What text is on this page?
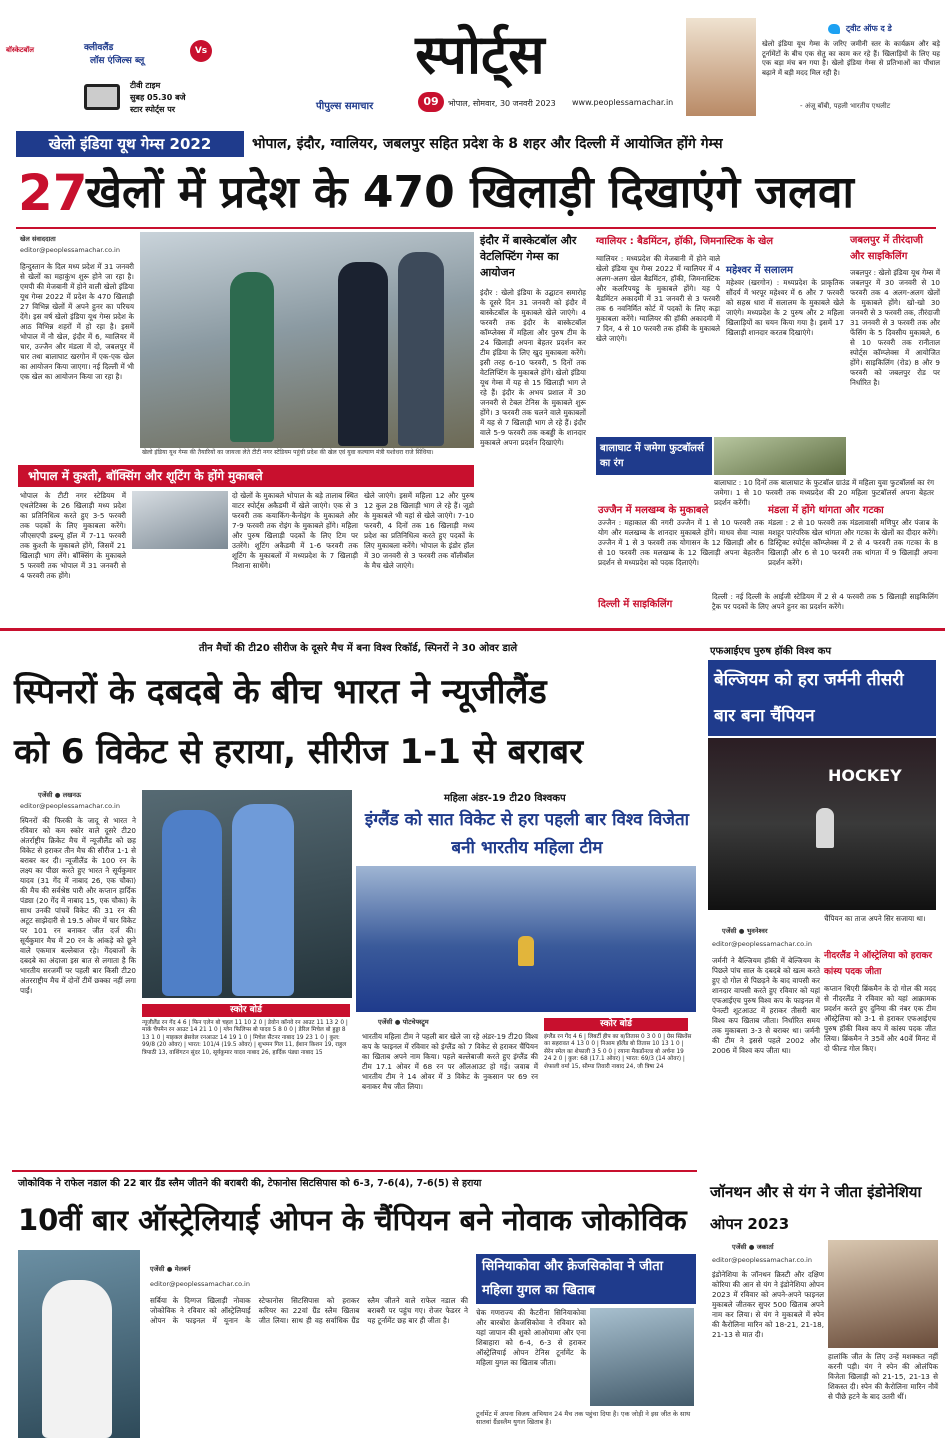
बॉस्केटबॉल	क्लीवलैंड
लॉस एंजिल्स ब्लू
Vs
टीवी टाइम
सुबह 05.30 बजे
स्टार स्पोर्ट्स पर
स्पोर्ट्स
पीपुल्स समाचार	09	भोपाल, सोमवार, 30 जनवरी 2023 www.peoplessamachar.in
ट्वीट ऑफ द डे
खेलो इंडिया यूथ गेम्स के जरिए जमीनी स्तर के कार्यक्रम और बड़े टूर्नामेंटों के बीच एक सेतु का काम कर रहे हैं। खिलाड़ियों के लिए यह एक बड़ा मंच बन गया है। खेलो इंडिया गेम्स से प्रतिभाओं का पौंधाल बढ़ाने में बड़ी मदद मिल रही है।
- अंजू बॉबी, पहली भारतीय एथलीट
खेलो इंडिया यूथ गेम्स 2022	भोपाल, इंदौर, ग्वालियर, जबलपुर सहित प्रदेश के 8 शहर और दिल्ली में आयोजित होंगे गेम्स
27
खेलों में प्रदेश के 470 खिलाड़ी दिखाएंगे जलवा
खेल संवाददाता
editor@peoplessamachar.co.in
हिन्दुस्तान के दिल मध्य प्रदेश में 31 जनवरी से खेलों का महाकुंभ शुरू होने जा रहा है। एमपी की मेजबानी में होने वाली खेलो इंडिया यूथ गेम्स 2022 में प्रदेश के 470 खिलाड़ी 27 विभिन्न खेलों में अपने हुनर का परिचय देंगे। इस वर्ष खेलो इंडिया यूथ गेम्स प्रदेश के आठ विभिन्न शहरों में हो रहा है। इसमें भोपाल में नौ खेल, इंदौर में 6, ग्वालियर में चार, उज्जैन और मंडला में दो, जबलपुर में चार तथा बालाघाट खरगोन में एक-एक खेल का आयोजन किया जाएगा। नई दिल्ली में भी एक खेल का आयोजन किया जा रहा है।
खेलो इंडिया यूथ गेम्स की तैयारियों का जायजा लेते टीटी नगर स्टेडियम पहुंची प्रदेश की खेल एवं युवा कल्याण मंत्री यशोधरा राजे सिंधिया।
इंदौर में बास्केटबॉल और वेटलिफ्टिंग गेम्स का आयोजन
इंदौर : खेलो इंडिया के उद्घाटन समारोह के दूसरे दिन 31 जनवरी को इंदौर में बास्केटबॉल के मुकाबले खेले जाएंगे। 4 फरवरी तक इंदौर के बास्केटबॉल कॉम्प्लेक्स में महिला और पुरुष टीम के 24 खिलाड़ी अपना बेहतर प्रदर्शन कर टीम इंडिया के लिए खुद मुकाबला करेंगे। इसी तरह 6-10 फरवरी, 5 दिनों तक वेटलिफ्टिंग के मुकाबले होंगे। खेलो इंडिया यूथ गेम्स में यह से 15 खिलाड़ी भाग ले रहे हैं। इंदौर के अभय प्रशाल में 30 जनवरी से टेबल टेनिस के मुकाबले शुरू होंगे। 3 फरवरी तक चलने वाले मुकाबलों में यह से 7 खिलाड़ी भाग ले रहे हैं। इंदौर वाले 5-9 फरवरी तक कबड्डी के शानदार मुकाबले अपना प्रदर्शन दिखाएंगे।
भोपाल में कुश्ती, बॉक्सिंग और शूटिंग के होंगे मुकाबले
भोपाल के टीटी नगर स्टेडियम में एथलेटिक्स के 26 खिलाड़ी मध्य प्रदेश का प्रतिनिधित्व करते हुए 3-5 फरवरी तक पदकों के लिए मुकाबला करेंगे। जीएसएपी डब्ल्यू हॉल में 7-11 फरवरी तक कुश्ती के मुकाबले होंगे, जिसमें 21 खिलाड़ी भाग लेंगे। बॉक्सिंग के मुकाबले 5 फरवरी तक भोपाल में 31 जनवरी से 4 फरवरी तक होंगे।
दो खेलों के मुकाबले भोपाल के बड़े तालाब स्थित वाटर स्पोर्ट्स अकैडमी में खेले जाएंगे। एक से 3 फरवरी तक कयाकिंग-कैनोइंग के मुकाबले और 7-9 फरवरी तक रोइंग के मुकाबले होंगे। महिला और पुरुष खिलाड़ी पदकों के लिए टिम पर उतरेंगे। शूटिंग अकैडमी में 1-6 फरवरी तक शूटिंग के मुकाबलों में मध्यप्रदेश के 7 खिलाड़ी निशाना साधेंगे।
खेले जाएंगे। इसमें महिला 12 और पुरुष 12 कुल 28 खिलाड़ी भाग ले रहे हैं। जूडो के मुकाबले भी यहां से खेले जाएंगे। 7-10 फरवरी, 4 दिनों तक 16 खिलाड़ी मध्य प्रदेश का प्रतिनिधित्व करते हुए पदकों के लिए मुकाबला करेंगे। भोपाल के इंडोर हॉल में 30 जनवरी से 3 फरवरी तक वॉलीबॉल के मैच खेले जाएंगे।
ग्वालियर : बैडमिंटन, हॉकी, जिमनास्टिक के खेल
ग्वालियर : मध्यप्रदेश की मेजबानी में होने वाले खेलो इंडिया यूथ गेम्स 2022 में ग्वालियर में 4 अलग-अलग खेल बैडमिंटन, हॉकी, जिमनास्टिक और कलरिपयट्टू के मुकाबले होंगे। यह पे बैडमिंटन अकादमी में 31 जनवरी से 3 फरवरी तक 6 नवनिर्मित कोर्ट में पदकों के लिए कड़ा मुकाबला करेंगे। ग्वालियर की हॉकी अकादमी में 7 दिन, 4 से 10 फरवरी तक हॉकी के मुकाबले खेले जाएंगे।
महेश्वर में सलालम
महेश्वर (खरगोन) : मध्यप्रदेश के प्राकृतिक सौंदर्य में भरपूर महेश्वर में 6 और 7 फरवरी को सहस्र धारा में सलालम के मुकाबले खेले जाएंगे। मध्यप्रदेश के 2 पुरुष और 2 महिला खिलाड़ियों का चयन किया गया है। इसमें 17 खिलाड़ी शानदार करतब दिखाएंगे।
बालाघाट में जमेगा फुटबॉलर्स का रंग
बालाघाट : 10 दिनों तक बालाघाट के फुटबॉल ग्राउंड में महिला युवा फुटबॉलर्स का रंग जमेगा। 1 से 10 फरवरी तक मध्यप्रदेश की 20 महिला फुटबॉलर्स अपना बेहतर प्रदर्शन करेंगी।
जबलपुर में तीरंदाजी और साइकिलिंग
जबलपुर : खेलो इंडिया यूथ गेम्स में जबलपुर में 30 जनवरी से 10 फरवरी तक 4 अलग-अलग खेलों के मुकाबले होंगे। खो-खो 30 जनवरी से 3 फरवरी तक, तीरंदाजी 31 जनवरी से 3 फरवरी तक और फेंसिंग के 5 दिवसीय मुकाबले, 6 से 10 फरवरी तक रानीताल स्पोर्ट्स कॉम्प्लेक्स में आयोजित होंगे। साइकिलिंग (रोड) 8 और 9 फरवरी को जबलपुर रोड पर निर्धारित है।
उज्जैन में मलखम्ब के मुकाबले
उज्जैन : महाकाल की नगरी उज्जैन में 1 से 10 फरवरी तक योग और मलखम्ब के शानदार मुकाबले होंगे। माधव सेवा न्यास उज्जैन में 1 से 3 फरवरी तक योगासन के 12 खिलाड़ी और 6 से 10 फरवरी तक मलखम्ब के 12 खिलाड़ी अपना बेहतरीन प्रदर्शन से मध्यप्रदेश को पदक दिलाएंगे।
मंडला में होंगे थांगता और गटका
मंडला : 2 से 10 फरवरी तक मंडलावासी मणिपुर और पंजाब के मशहूर पारंपरिक खेल थांगता और गटका के खेलों का दीदार करेंगे। डिस्ट्रिक्ट स्पोर्ट्स कॉम्प्लेक्स में 2 से 4 फरवरी तक गटका के 8 खिलाड़ी और 6 से 10 फरवरी तक थांगता में 9 खिलाड़ी अपना प्रदर्शन करेंगे।
दिल्ली में साइकिलिंग
दिल्ली : नई दिल्ली के आईजी स्टेडियम में 2 से 4 फरवरी तक 5 खिलाड़ी साइकिलिंग ट्रैक पर पदकों के लिए अपने हुनर का प्रदर्शन करेंगे।
तीन मैचों की टी20 सीरीज के दूसरे मैच में बना विश्व रिकॉर्ड, स्पिनरों ने 30 ओवर डाले
स्पिनरों के दबदबे के बीच भारत ने न्यूजीलैंड
को 6 विकेट से हराया, सीरीज 1-1 से बराबर
एजेंसी ● लखनऊ
editor@peoplessamachar.co.in
स्पिनरों की फिरकी के जादू से भारत ने रविवार को कम स्कोर वाले दूसरे टी20 अंतर्राष्ट्रीय क्रिकेट मैच में न्यूजीलैंड को छह विकेट से हराकर तीन मैच की सीरीज 1-1 से बराबर कर दी। न्यूजीलैंड के 100 रन के लक्ष्य का पीछा करते हुए भारत ने सूर्यकुमार यादव (31 गेंद में नाबाद 26, एक चौका) की मैच की सर्वश्रेष्ठ पारी और कप्तान हार्दिक पंड्या (20 गेंद में नाबाद 15, एक चौका) के साथ उनकी पांचवें विकेट की 31 रन की अटूट साझेदारी से 19.5 ओवर में चार विकेट पर 101 रन बनाकर जीत दर्ज की। सूर्यकुमार मैच में 20 रन के आंकड़े को छूने वाले एकमात्र बल्लेबाज रहे। गेंदबाजों के दबदबे का अंदाजा इस बात से लगाता है कि भारतीय सरजमीं पर पहली बार किसी टी20 अंतरराष्ट्रीय मैच में दोनों टीमें छक्का नहीं लगा पाईं।
स्कोर बोर्ड
न्यूजीलैंड रन गेंद 4 6 | फिन एलेन बो चहल 11 10 2 0 | डेवोन कॉनवे रन आउट 11 13 2 0 | मार्क चैपमैन रन आउट 14 21 1 0 | ग्लेन फिलिप्स बो यादव 5 8 0 0 | डेरिल मिचेल बो हुड्डा 8 13 1 0 | माइकल ब्रेसवेल रनआउट 14 19 1 0 | मिचेल सैंटनर नाबाद 19 23 1 0 | कुल: 99/8 (20 ओवर) | भारत: 101/4 (19.5 ओवर) | शुभमन गिल 11, ईशान किशन 19, राहुल त्रिपाठी 13, वाशिंगटन सुंदर 10, सूर्यकुमार यादव नाबाद 26, हार्दिक पंड्या नाबाद 15
महिला अंडर-19 टी20 विश्वकप
इंग्लैंड को सात विकेट से हरा पहली बार विश्व विजेता बनी भारतीय महिला टीम
एजेंसी ● पोटचेफ्स्ट्रूम
भारतीय महिला टीम ने पहली बार खेले जा रहे अंडर-19 टी20 विश्व कप के फाइनल में रविवार को इंग्लैंड को 7 विकेट से हराकर चैंपियन का खिताब अपने नाम किया। पहले बल्लेबाजी करते हुए इंग्लैंड की टीम 17.1 ओवर में 68 रन पर ऑलआउट हो गई। जवाब में भारतीय टीम ने 14 ओवर में 3 विकेट के नुकसान पर 69 रन बनाकर मैच जीत लिया।
स्कोर बोर्ड
इंग्लैंड रन गेंद 4 6 | लिबर्टी हीप का ब/तितास 0 3 0 0 | ग्रेस स्क्रिवेंस का सहरावत 4 13 0 0 | निआम हॉलैंड बो तितास 10 13 1 0 | सेरेन स्मेल का शेफाली 3 5 0 0 | रयाना मैकडॉनल्ड बो अर्चना 19 24 2 0 | कुल: 68 (17.1 ओवर) | भारत: 69/3 (14 ओवर) | शेफाली वर्मा 15, सौम्या तिवारी नाबाद 24, जी त्रिषा 24
एफआईएच पुरुष हॉकी विश्व कप
बेल्जियम को हरा जर्मनी तीसरी बार बना चैंपियन
HOCKEY
एजेंसी ● भुवनेश्वर
editor@peoplessamachar.co.in
चैंपियन का ताज अपने सिर सजाया था।
जर्मनी ने बैल्जियम हॉकी में बेल्जियम के पिछले पांच साल के दबदबे को खत्म करते हुए दो गोल से पिछड़ने के बाद वापसी कर शानदार वापसी करते हुए रविवार को यहां एफआईएच पुरुष विश्व कप के फाइनल में पेनल्टी शूटआउट में हराकर तीसरी बार विश्व कप खिताब जीता। निर्धारित समय तक मुकाबला 3-3 से बराबर था। जर्मनी की टीम ने इससे पहले 2002 और 2006 में विश्व कप जीता था।
नीदरलैंड ने ऑस्ट्रेलिया को हराकर कांस्य पदक जीता
कप्तान थिएरी ब्रिंकमैन के दो गोल की मदद से नीदरलैंड ने रविवार को यहां आक्रामक प्रदर्शन करते हुए दुनिया की नंबर एक टीम ऑस्ट्रेलिया को 3-1 से हराकर एफआईएच पुरुष हॉकी विश्व कप में कांस्य पदक जीत लिया। ब्रिंकमैन ने 35वें और 40वें मिनट में दो फील्ड गोल किए।
जोकोविक ने राफेल नडाल की 22 बार ग्रैंड स्लैम जीतने की बराबरी की, टेफानोस सिटसिपास को 6-3, 7-6(4), 7-6(5) से हराया
10वीं बार ऑस्ट्रेलियाई ओपन के चैंपियन बने नोवाक जोकोविक
एजेंसी ● मेलबर्न
editor@peoplessamachar.co.in
सर्बिया के दिग्गज खिलाड़ी नोवाक जोकोविक ने रविवार को ऑस्ट्रेलियाई ओपन के फाइनल में यूनान के स्टेफानोस सिटसिपास को हराकर करियर का 22वां ग्रैंड स्लैम खिताब जीत लिया। साथ ही वह सर्वाधिक ग्रैंड स्लैम जीतने वाले राफेल नडाल की बराबरी पर पहुंच गए। रोजर फेडरर ने यह टूर्नामेंट छह बार ही जीता है।
सिनियाकोवा और क्रेजसिकोवा ने जीता महिला युगल का खिताब
चेक गणराज्य की कैटरीना सिनियाकोवा और बारबोरा क्रेजसिकोवा ने रविवार को यहां जापान की शुको आओयामा और एना शिबाहारा को 6-4, 6-3 से हराकर ऑस्ट्रेलियाई ओपन टेनिस टूर्नामेंट के महिला युगल का खिताब जीता।
टूर्नामेंट में अपना विजय अभियान 24 मैच तक पहुंचा दिया है। एक जोड़ी ने इस जीत के साथ सातवां ग्रैंडस्लैम युगल खिताब है।
जॉनथन और से यंग ने जीता इंडोनेशिया ओपन 2023
एजेंसी ● जकार्ता
editor@peoplessamachar.co.in
इंडोनेशिया के जॉनथन क्रिस्टी और दक्षिण कोरिया की आन से यंग ने इंडोनेशिया ओपन 2023 में रविवार को अपने-अपने फाइनल मुकाबले जीतकर सुपर 500 खिताब अपने नाम कर लिया। से यंग ने मुकाबले में स्पेन की कैरोलिना मारिन को 18-21, 21-18, 21-13 से मात दी।
हालांकि जीत के लिए उन्हें मशक्कत नहीं करनी पड़ी। यंग ने स्पेन की ओलंपिक विजेता खिलाड़ी को 21-15, 21-13 से शिकस्त दी। स्पेन की कैरोलिना मारिन नौवें से पीछे हटने के बाद उतरी थीं।
